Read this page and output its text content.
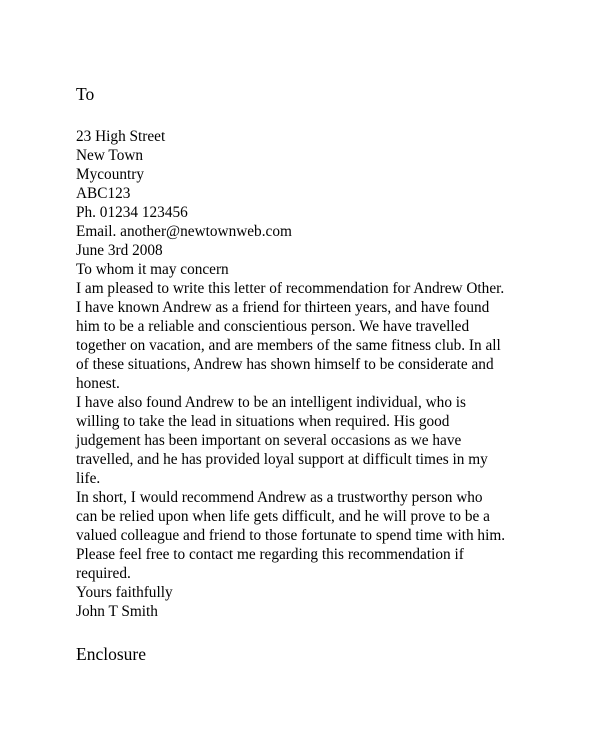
To
23 High Street
New Town
Mycountry
ABC123
Ph. 01234 123456
Email. another@newtownweb.com
June 3rd 2008
To whom it may concern
I am pleased to write this letter of recommendation for Andrew Other.
I have known Andrew as a friend for thirteen years, and have found
him to be a reliable and conscientious person. We have travelled
together on vacation, and are members of the same fitness club. In all
of these situations, Andrew has shown himself to be considerate and
honest.
I have also found Andrew to be an intelligent individual, who is
willing to take the lead in situations when required. His good
judgement has been important on several occasions as we have
travelled, and he has provided loyal support at difficult times in my
life.
In short, I would recommend Andrew as a trustworthy person who
can be relied upon when life gets difficult, and he will prove to be a
valued colleague and friend to those fortunate to spend time with him.
Please feel free to contact me regarding this recommendation if
required.
Yours faithfully
John T Smith
Enclosure
